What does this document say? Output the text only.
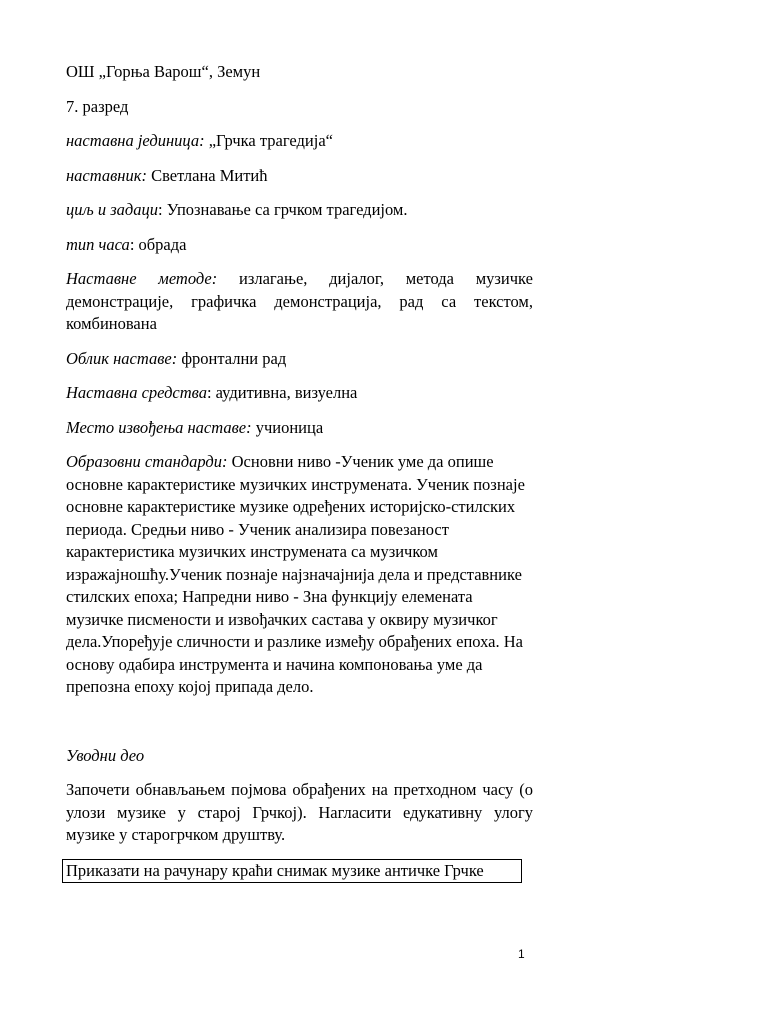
ОШ „Горња Варош“, Земун

7. разред

наставна јединица: „Грчка трагедија“

наставник: Светлана Митић

циљ и задаци: Упознавање са грчком трагедијом.

тип часа: обрада

Наставне методе: излагање, дијалог, метода музичке демонстрације, графичка демонстрација, рад са текстом, комбинована

Облик наставе: фронтални рад

Наставна средства: аудитивна, визуелна

Место извођења наставе: учионица

Образовни стандарди: Основни ниво -Ученик уме да опише основне карактеристике музичких инструмената. Ученик познаје основне карактеристике музике одређених историјско-стилских периода. Средњи ниво - Ученик анализира повезаност карактеристика музичких инструмената са музичком изражајношћу.Ученик познаје најзначајнија дела и представнике стилских епоха; Напредни ниво - Зна функцију елемената музичке писмености и извођачких састава у оквиру музичког дела.Упоређује сличности и разлике између обрађених епоха. На основу одабира инструмента и начина компоновања уме да препозна епоху којој припада дело.

Уводни део

Започети обнављањем појмова обрађених на претходном часу (о улози музике у старој Грчкој). Нагласити едукативну улогу музике у старогрчком друштву.

Приказати на рачунару краћи снимак музике античке Грчке
1
